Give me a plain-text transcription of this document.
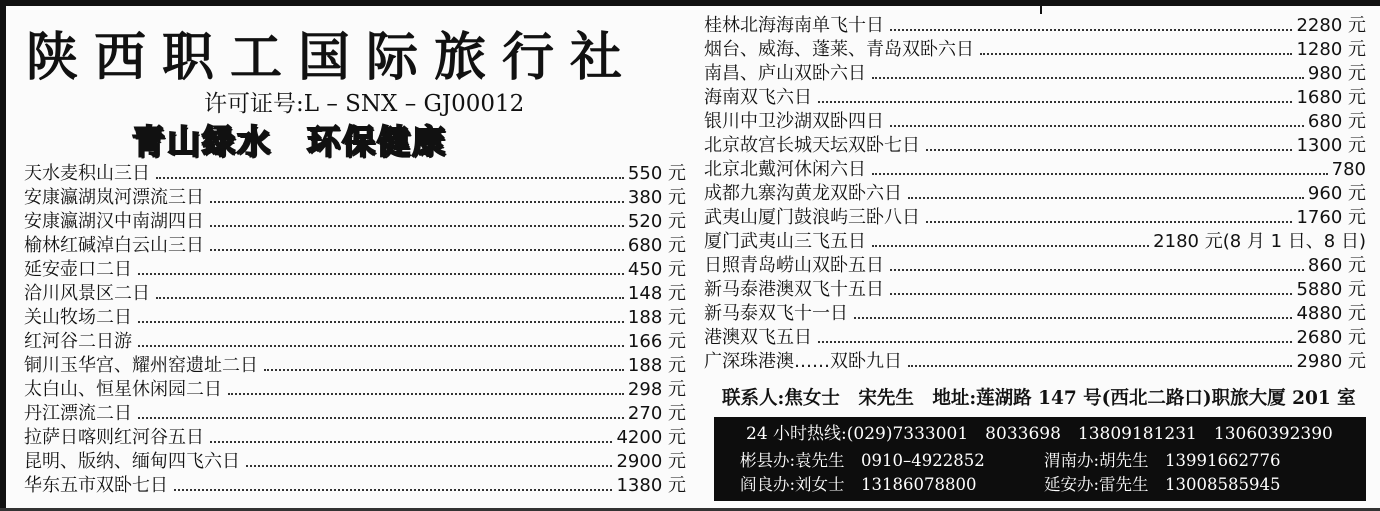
陕西职工国际旅行社
许可证号:L – SNX – GJ00012
青山绿水　环保健康
天水麦积山三日	550 元
安康瀛湖岚河漂流三日	380 元
安康瀛湖汉中南湖四日	520 元
榆林红碱淖白云山三日	680 元
延安壶口二日	450 元
洽川风景区二日	148 元
关山牧场二日	188 元
红河谷二日游	166 元
铜川玉华宫、耀州窑遗址二日	188 元
太白山、恒星休闲园二日	298 元
丹江漂流二日	270 元
拉萨日喀则红河谷五日	4200 元
昆明、版纳、缅甸四飞六日	2900 元
华东五市双卧七日	1380 元
桂林北海海南单飞十日	2280 元
烟台、威海、蓬莱、青岛双卧六日	1280 元
南昌、庐山双卧六日	980 元
海南双飞六日	1680 元
银川中卫沙湖双卧四日	680 元
北京故宫长城天坛双卧七日	1300 元
北京北戴河休闲六日	780
成都九寨沟黄龙双卧六日	960 元
武夷山厦门鼓浪屿三卧八日	1760 元
厦门武夷山三飞五日	2180 元(8 月 1 日、8 日)
日照青岛崂山双卧五日	860 元
新马泰港澳双飞十五日	5880 元
新马泰双飞十一日	4880 元
港澳双飞五日	2680 元
广深珠港澳……双卧九日	2980 元
联系人:焦女士　宋先生　地址:莲湖路 147 号(西北二路口)职旅大厦 201 室
24 小时热线:(029)7333001　8033698　13809181231　13060392390
彬县办:袁先生　0910–4922852	渭南办:胡先生　13991662776
阎良办:刘女士　13186078800	延安办:雷先生　13008585945
